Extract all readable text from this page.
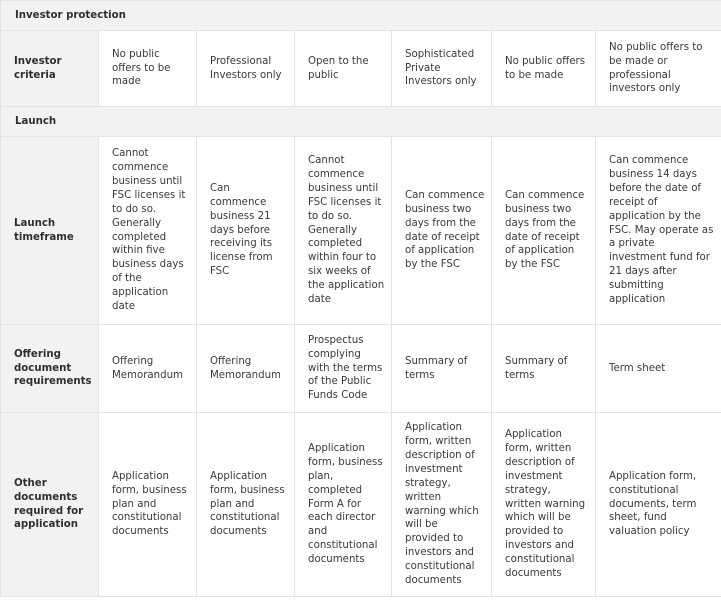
Investor protection						
Investor criteria	No public offers to be made	Professional Investors only	Open to the public	Sophisticated Private Investors only	No public offers to be made	No public offers to be made or professional investors only
Launch						
Launch timeframe	Cannot commence business until FSC licenses it to do so. Generally completed within five business days of the application date	Can commence business 21 days before receiving its license from FSC	Cannot commence business until FSC licenses it to do so. Generally completed within four to six weeks of the application date	Can commence business two days from the date of receipt of application by the FSC	Can commence business two days from the date of receipt of application by the FSC	Can commence business 14 days before the date of receipt of application by the FSC. May operate as a private investment fund for 21 days after submitting application
Offering document requirements	Offering Memorandum	Offering Memorandum	Prospectus complying with the terms of the Public Funds Code	Summary of terms	Summary of terms	Term sheet
Other documents required for application	Application form, business plan and constitutional documents	Application form, business plan and constitutional documents	Application form, business plan, completed Form A for each director and constitutional documents	Application form, written description of investment strategy, written warning which will be provided to investors and constitutional documents	Application form, written description of investment strategy, written warning which will be provided to investors and constitutional documents	Application form, constitutional documents, term sheet, fund valuation policy
